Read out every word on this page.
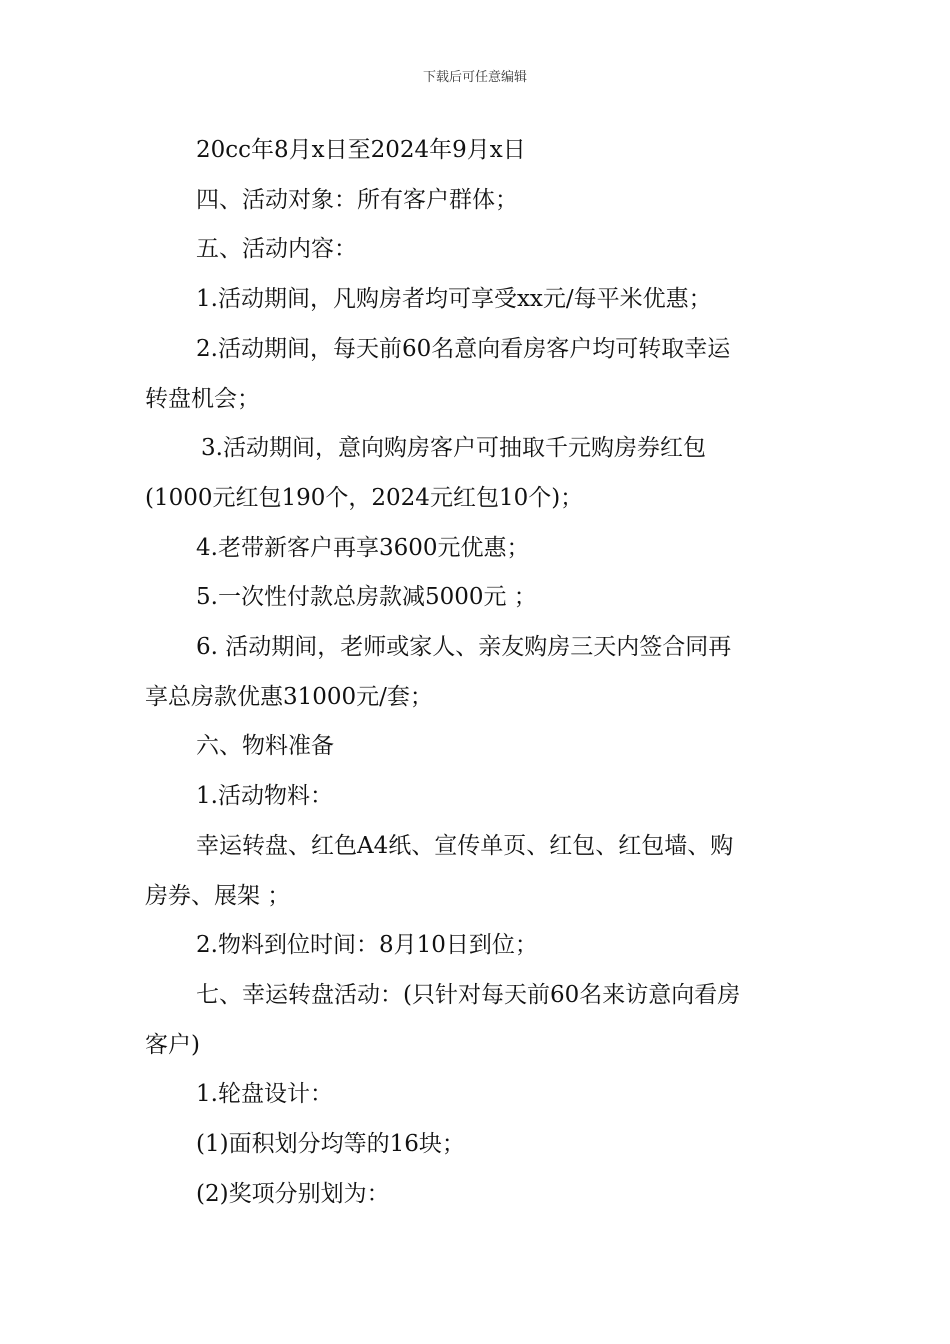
下载后可任意编辑

20cc年8月x日至2024年9月x日

四、活动对象：所有客户群体；

五、活动内容：

1.活动期间，凡购房者均可享受xx元/每平米优惠；

2.活动期间，每天前60名意向看房客户均可转取幸运

转盘机会；

3.活动期间，意向购房客户可抽取千元购房券红包

(1000元红包190个，2024元红包10个)；

4.老带新客户再享3600元优惠；

5.一次性付款总房款减5000元 ；

6. 活动期间，老师或家人、亲友购房三天内签合同再

享总房款优惠31000元/套；

六、物料准备

1.活动物料：

幸运转盘、红色A4纸、宣传单页、红包、红包墙、购

房券、展架 ；

2.物料到位时间：8月10日到位；

七、幸运转盘活动：(只针对每天前60名来访意向看房

客户)

1.轮盘设计：

(1)面积划分均等的16块；

(2)奖项分别划为：
